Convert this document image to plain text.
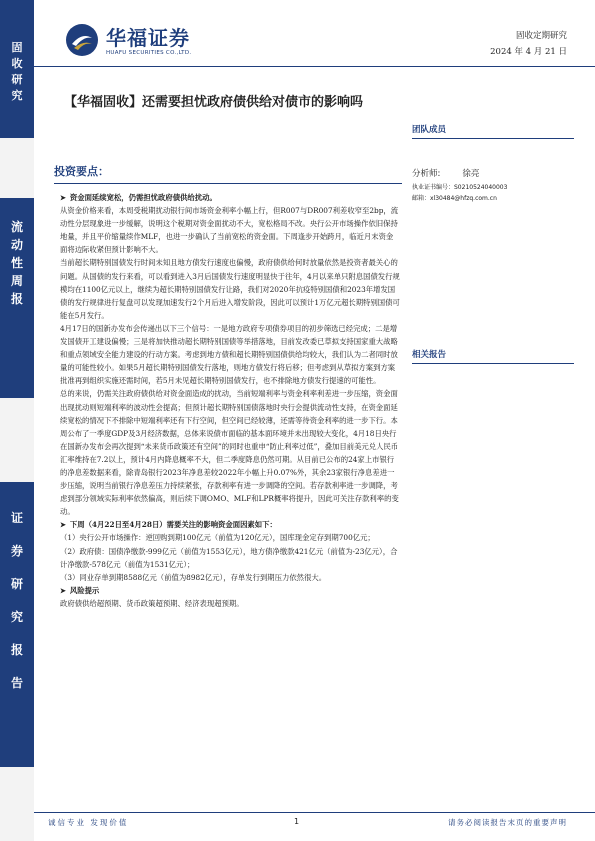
固
收
研
究
流
动
性
周
报
证
券
研
究
报
告
华福证券
HUAFU SECURITIES CO.,LTD.
固收定期研究
2024 年 4 月 21 日
【华福固收】还需要担忧政府债供给对债市的影响吗
团队成员
分析师:	徐亮
执业证书编号：S0210524040003
邮箱：xl30484@hfzq.com.cn
相关报告
投资要点：

➤ 资金面延续宽松，仍需担忧政府债供给扰动。

从资金价格来看，本周受税期扰动银行间市场资金利率小幅上行，但R007与DR007利差收窄至2bp，流动性分层现象进一步缓解，说明这个税期对资金面扰动不大，宽松格局不改。央行公开市场操作依旧保持地量，并且平价缩量续作MLF，也进一步确认了当前宽松的资金面。下周逢步开始跨月，临近月末资金面将边际收紧但预计影响不大。

当前超长期特别国债发行时间未知且地方债发行速度也偏慢，政府债供给何时放量依然是投资者最关心的问题。从国债的发行来看，可以看到进入3月后国债发行速度明显快于往年，4月以来单只附息国债发行规模均在1100亿元以上，继续为超长期特别国债发行让路，我们对2020年抗疫特别国债和2023年增发国债的发行规律进行复盘可以发现加速发行2个月后进入增发阶段，因此可以预计1万亿元超长期特别国债可能在5月发行。

4月17日的国新办发布会传递出以下三个信号：一是地方政府专项债券项目的初步筛选已经完成；二是增发国债开工建设偏慢；三是将加快推动超长期特别国债等举措落地，目前发改委已草拟支持国家重大战略和重点领域安全能力建设的行动方案。考虑到地方债和超长期特别国债供给均较大，我们认为二者同时放量的可能性较小。如果5月超长期特别国债发行落地，则地方债发行将后移；但考虑到从草拟方案到方案批准再到组织实施还需时间，若5月未见超长期特别国债发行，也不排除地方债发行提速的可能性。

总的来说，仍需关注政府债供给对资金面造成的扰动，当前短端利率与资金利率利差进一步压缩，资金面出现扰动则短端利率的波动性会提高；但预计超长期特别国债落地时央行会提供流动性支持，在资金面延续宽松的情况下不排除中短端利率还有下行空间，但空间已经较薄，还需等待资金利率的进一步下行。本周公布了一季度GDP及3月经济数据，总体来说债市面临的基本面环境并未出现较大变化，4月18日央行在国新办发布会再次提到“未来货币政策还有空间”的同时也重申“防止利率过低”，叠加目前美元兑人民币汇率维持在7.2以上，预计4月内降息概率不大，但二季度降息仍然可期。从目前已公布的24家上市银行的净息差数据来看，除青岛银行2023年净息差较2022年小幅上升0.07%外，其余23家银行净息差进一步压缩，说明当前银行净息差压力持续紧张，存款利率有进一步调降的空间。若存款利率进一步调降，考虑到部分领域实际利率依然偏高，则后续下调OMO、MLF和LPR概率将提升，因此可关注存款利率的变动。

➤ 下周（4月22日至4月28日）需要关注的影响资金面因素如下：

（1）央行公开市场操作：逆回购到期100亿元（前值为120亿元），国库现金定存到期700亿元；

（2）政府债：国债净缴款-999亿元（前值为1553亿元），地方债净缴款421亿元（前值为-23亿元），合计净缴款-578亿元（前值为1531亿元）；

（3）同业存单到期8588亿元（前值为8982亿元），存单发行到期压力依然很大。

➤ 风险提示

政府债供给超预期、货币政策超预期、经济表现超预期。

诚信专业 发现价值	1	请务必阅读报告末页的重要声明
